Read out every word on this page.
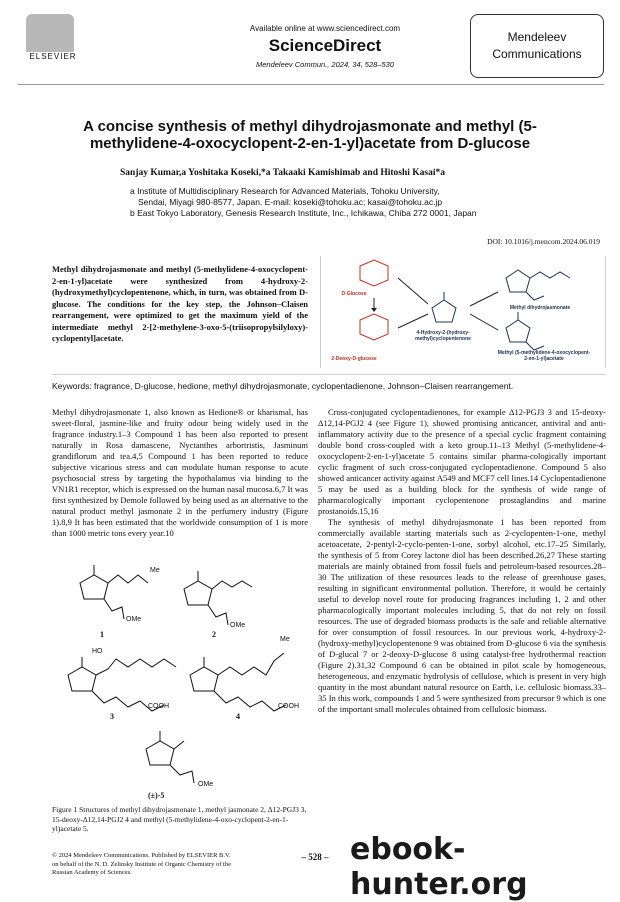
ELSEVIER
Available online at www.sciencedirect.com
ScienceDirect
Mendeleev Commun., 2024, 34, 528–530
Mendeleev
Communications
A concise synthesis of methyl dihydrojasmonate and methyl (5-methylidene-4-oxocyclopent-2-en-1-yl)acetate from D-glucose
Sanjay Kumar,a Yoshitaka Koseki,*a Takaaki Kamishimab and Hitoshi Kasai*a
a Institute of Multidisciplinary Research for Advanced Materials, Tohoku University,
Sendai, Miyagi 980-8577, Japan. E-mail: koseki@tohoku.ac; kasai@tohoku.ac.jp
b East Tokyo Laboratory, Genesis Research Institute, Inc., Ichikawa, Chiba 272 0001, Japan
DOI: 10.1016/j.mencom.2024.06.019
Methyl dihydrojasmonate and methyl (5-methylidene-4-oxocyclopent-2-en-1-yl)acetate were synthesized from 4-hydroxy-2-(hydroxymethyl)cyclopentenone, which, in turn, was obtained from D-glucose. The conditions for the key step, the Johnson–Claisen rearrangement, were optimized to get the maximum yield of the intermediate methyl 2-[2-methylene-3-oxo-5-(triisopropylsilyloxy)-cyclopentyl]acetate.
D-Glucose
2-Deoxy-D-glucose
4-Hydroxy-2-(hydroxy-methyl)cyclopentenone
Methyl dihydrojasmonate
Methyl (5-methylidene-4-oxocyclopent-2-en-1-yl)acetate
Keywords: fragrance, D-glucose, hedione, methyl dihydrojasmonate, cyclopentadienone, Johnson–Claisen rearrangement.
Methyl dihydrojasmonate 1, also known as Hedione® or kharismal, has sweet-floral, jasmine-like and fruity odour being widely used in the fragrance industry.1–3 Compound 1 has been also reported to present naturally in Rosa damascene, Nyctanthes arbortristis, Jasminum grandiflorum and tea.4,5 Compound 1 has been reported to reduce subjective vicarious stress and can modulate human response to acute psychosocial stress by targeting the hypothalamus via binding to the VN1R1 receptor, which is expressed on the human nasal mucosa.6,7 It was first synthesized by Demole followed by being used as an alternative to the natural product methyl jasmonate 2 in the perfumery industry (Figure 1).8,9 It has been estimated that the worldwide consumption of 1 is more than 1000 metric tons every year.10

Cross-conjugated cyclopentadienones, for example Δ12-PGJ3 3 and 15-deoxy-Δ12,14-PGJ2 4 (see Figure 1), showed promising anticancer, antiviral and anti-inflammatory activity due to the presence of a special cyclic fragment containing double bond cross-coupled with a keto group.11–13 Methyl (5-methylidene-4-oxocyclopent-2-en-1-yl)acetate 5 contains similar pharma-cologically important cyclic fragment of such cross-conjugated cyclopentadienone. Compound 5 also showed anticancer activity against A549 and MCF7 cell lines.14 Cyclopentadienone 5 may be used as a building block for the synthesis of wide range of pharmacologically important cyclopentenone prostaglandins and marine prostanoids.15,16

The synthesis of methyl dihydrojasmonate 1 has been reported from commercially available starting materials such as 2-cyclopenten-1-one, methyl acetoacetate, 2-pentyl-2-cyclo-penten-1-one, sorbyl alcohol, etc.17–25 Similarly, the synthesis of 5 from Corey lactone diol has been described.26,27 These starting materials are mainly obtained from fossil fuels and petroleum-based resources.28–30 The utilization of these resources leads to the release of greenhouse gases, resulting in significant environmental pollution. Therefore, it would be certainly useful to develop novel route for producing fragrances including 1, 2 and other pharmacologically important molecules including 5, that do not rely on fossil resources. The use of degraded biomass products is the safe and reliable alternative for over consumption of fossil resources. In our previous work, 4-hydroxy-2-(hydroxy-methyl)cyclopentenone 9 was obtained from D-glucose 6 via the synthesis of D-glucal 7 or 2-deoxy-D-glucose 8 using catalyst-free hydrothermal reaction (Figure 2).31,32 Compound 6 can be obtained in pilot scale by homogeneous, heterogeneous, and enzymatic hydrolysis of cellulose, which is present in very high quantity in the most abundant natural resource on Earth, i.e. cellulosic biomass.33–35 In this work, compounds 1 and 5 were synthesized from precursor 9 which is one of the important small molecules obtained from cellulosic biomass.

Me
OMe
1
OMe
2
HO
COOH
3
Me
COOH
4
OMe
(±)-5
Figure 1 Structures of methyl dihydrojasmonate 1, methyl jasmonate 2, Δ12-PGJ3 3, 15-deoxy-Δ12,14-PGJ2 4 and methyl (5-methylidene-4-oxo-cyclopent-2-en-1-yl)acetate 5.
© 2024 Mendeleev Communications. Published by ELSEVIER B.V.
on behalf of the N. D. Zelinsky Institute of Organic Chemistry of the
Russian Academy of Sciences.
– 528 – ebook-hunter.org
